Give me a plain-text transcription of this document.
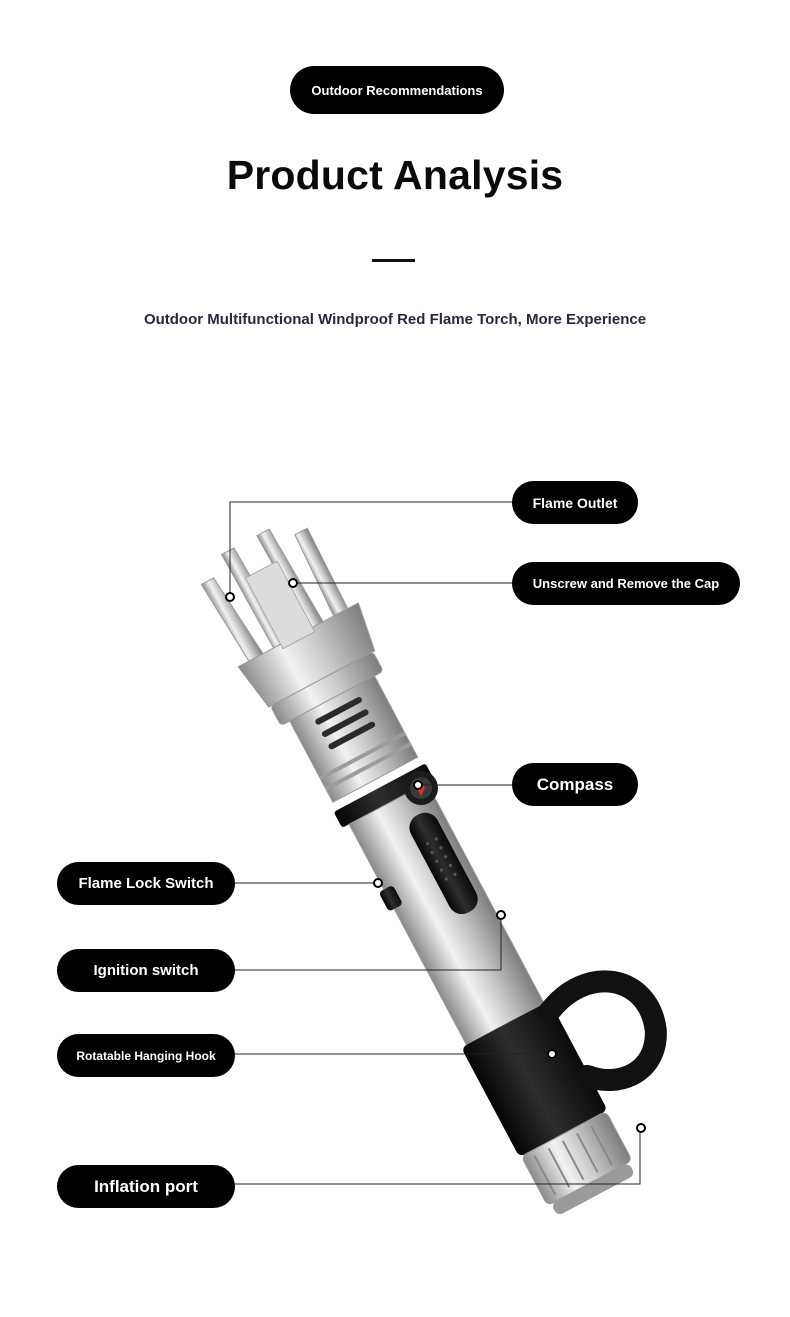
Outdoor Recommendations
Product Analysis
Outdoor Multifunctional Windproof Red Flame Torch, More Experience
Flame Outlet
Unscrew and Remove the Cap
Compass
Flame Lock Switch
Ignition switch
Rotatable Hanging Hook
Inflation port
